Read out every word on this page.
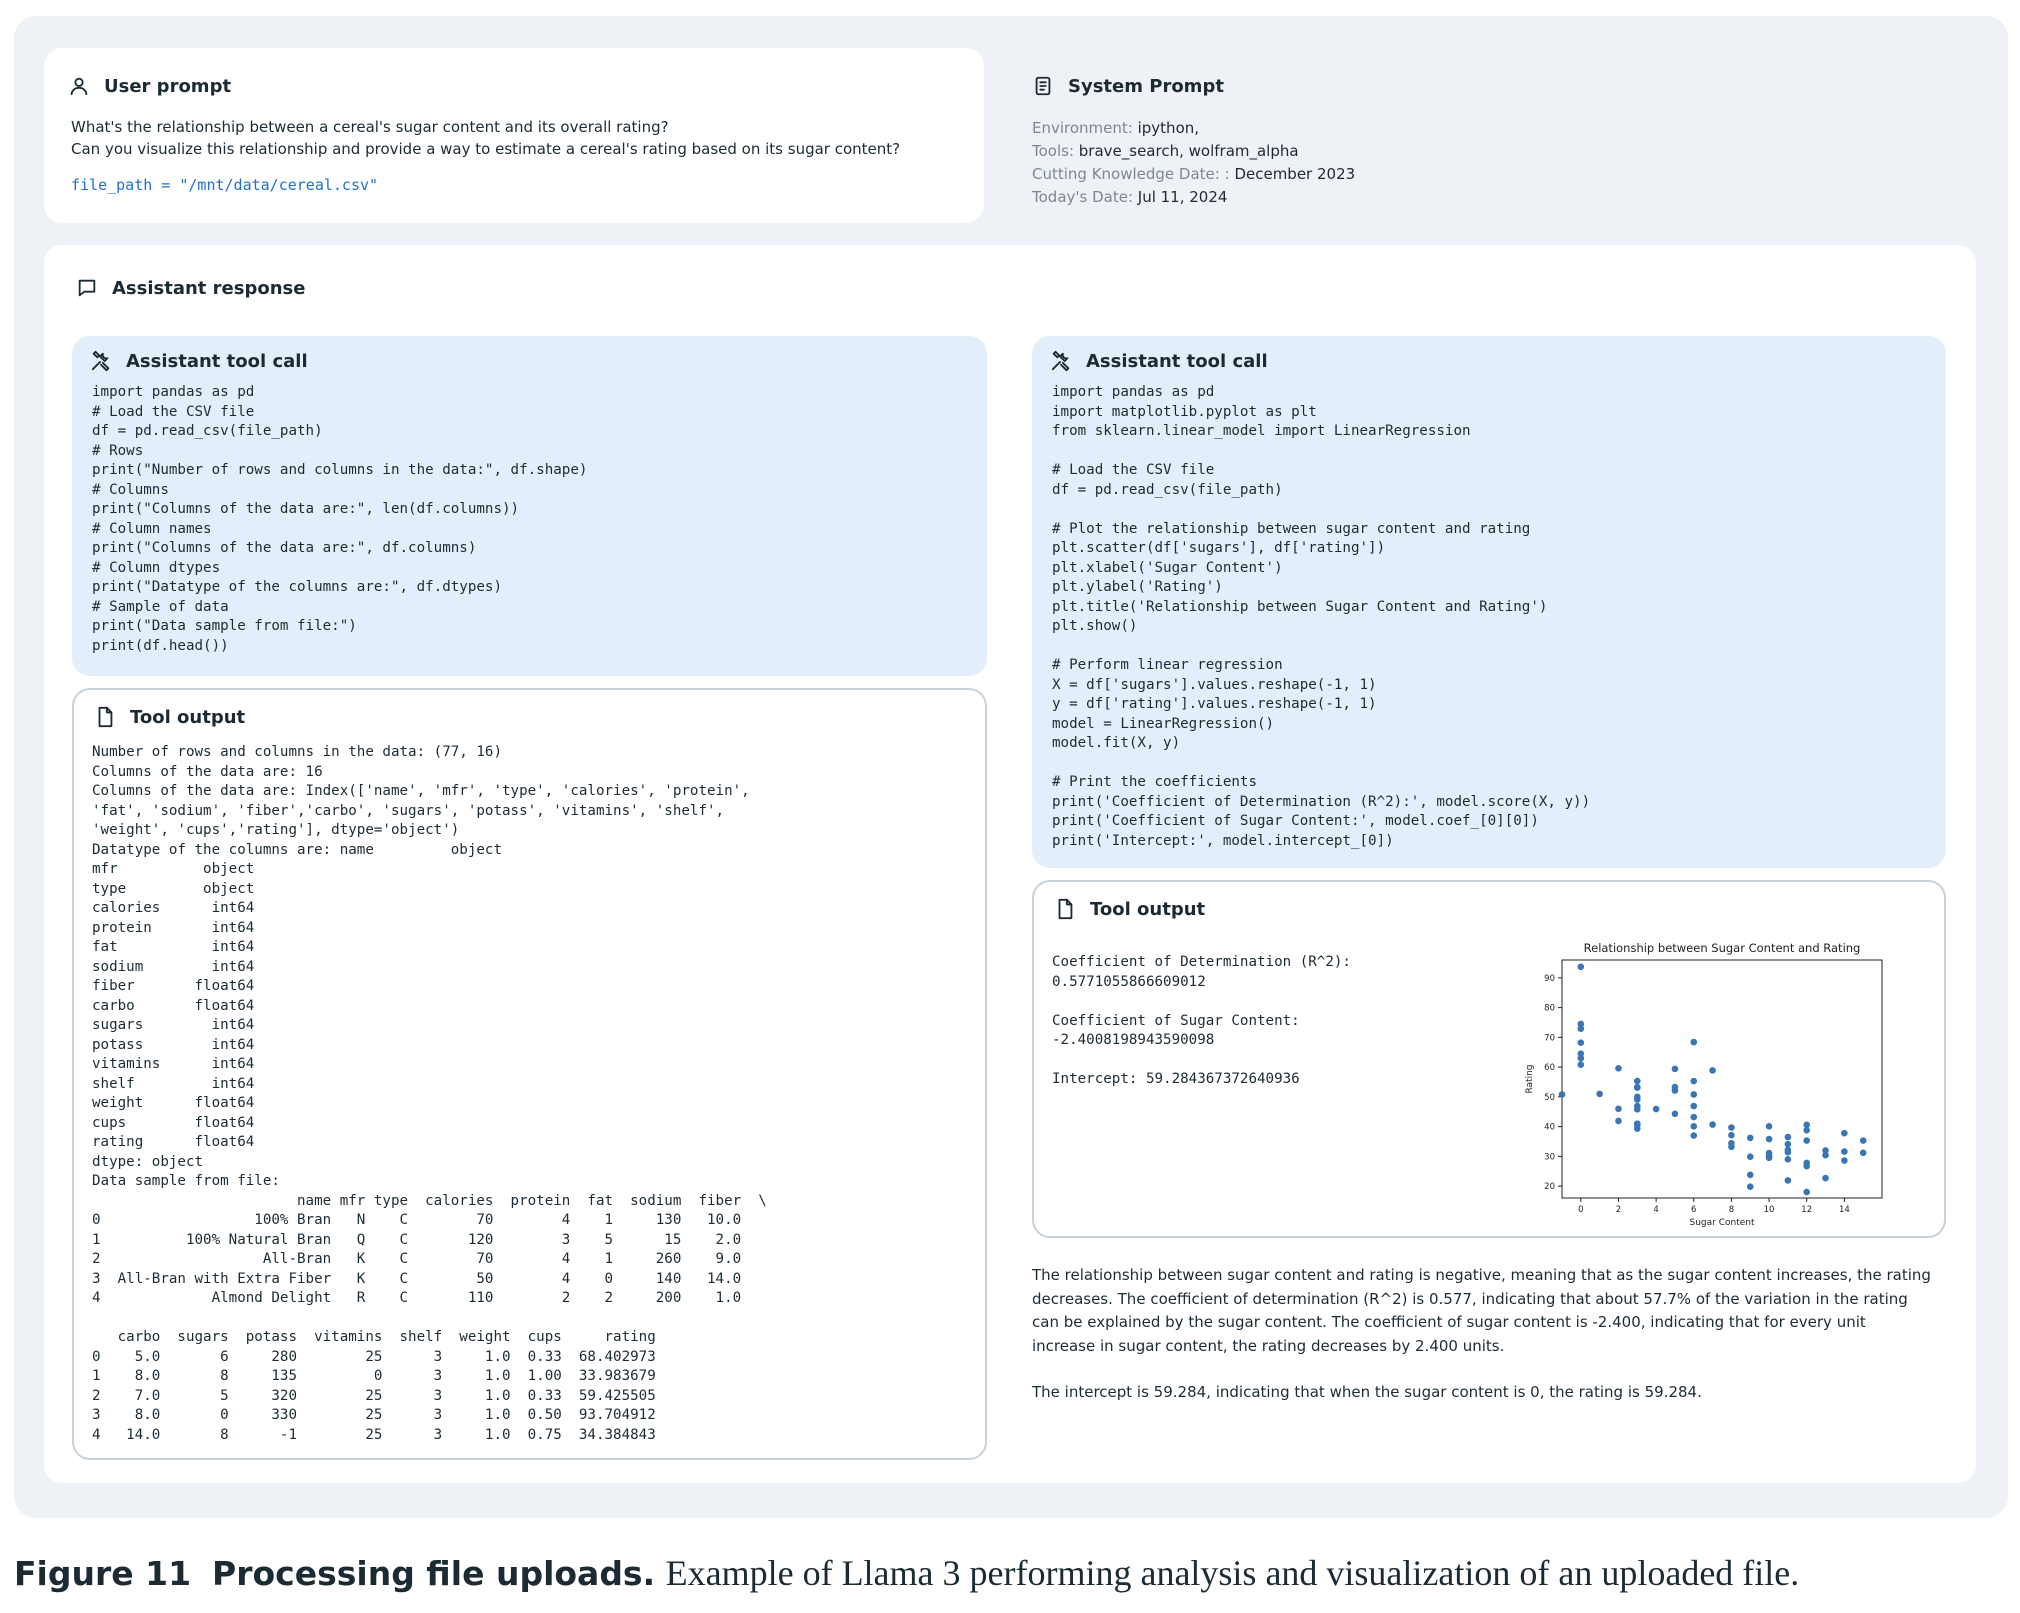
User prompt
What's the relationship between a cereal's sugar content and its overall rating?
Can you visualize this relationship and provide a way to estimate a cereal's rating based on its sugar content?
file_path = "/mnt/data/cereal.csv"
System Prompt
Environment: ipython,
Tools: brave_search, wolfram_alpha
Cutting Knowledge Date: : December 2023
Today's Date: Jul 11, 2024
Assistant response
Assistant tool call
import pandas as pd
# Load the CSV file
df = pd.read_csv(file_path)
# Rows
print("Number of rows and columns in the data:", df.shape)
# Columns
print("Columns of the data are:", len(df.columns))
# Column names
print("Columns of the data are:", df.columns)
# Column dtypes
print("Datatype of the columns are:", df.dtypes)
# Sample of data
print("Data sample from file:")
print(df.head())
Tool output
Number of rows and columns in the data: (77, 16)
Columns of the data are: 16
Columns of the data are: Index(['name', 'mfr', 'type', 'calories', 'protein',
'fat', 'sodium', 'fiber','carbo', 'sugars', 'potass', 'vitamins', 'shelf',
'weight', 'cups','rating'], dtype='object')
Datatype of the columns are: name         object
mfr          object
type         object
calories      int64
protein       int64
fat           int64
sodium        int64
fiber       float64
carbo       float64
sugars        int64
potass        int64
vitamins      int64
shelf         int64
weight      float64
cups        float64
rating      float64
dtype: object
Data sample from file:
name mfr type  calories  protein  fat  sodium  fiber  \
0                  100% Bran   N    C        70        4    1     130   10.0
1          100% Natural Bran   Q    C       120        3    5      15    2.0
2                   All-Bran   K    C        70        4    1     260    9.0
3  All-Bran with Extra Fiber   K    C        50        4    0     140   14.0
4             Almond Delight   R    C       110        2    2     200    1.0

carbo  sugars  potass  vitamins  shelf  weight  cups     rating
0    5.0       6     280        25      3     1.0  0.33  68.402973
1    8.0       8     135         0      3     1.0  1.00  33.983679
2    7.0       5     320        25      3     1.0  0.33  59.425505
3    8.0       0     330        25      3     1.0  0.50  93.704912
4   14.0       8      -1        25      3     1.0  0.75  34.384843
Assistant tool call
import pandas as pd
import matplotlib.pyplot as plt
from sklearn.linear_model import LinearRegression

# Load the CSV file
df = pd.read_csv(file_path)

# Plot the relationship between sugar content and rating
plt.scatter(df['sugars'], df['rating'])
plt.xlabel('Sugar Content')
plt.ylabel('Rating')
plt.title('Relationship between Sugar Content and Rating')
plt.show()

# Perform linear regression
X = df['sugars'].values.reshape(-1, 1)
y = df['rating'].values.reshape(-1, 1)
model = LinearRegression()
model.fit(X, y)

# Print the coefficients
print('Coefficient of Determination (R^2):', model.score(X, y))
print('Coefficient of Sugar Content:', model.coef_[0][0])
print('Intercept:', model.intercept_[0])
Tool output
Coefficient of Determination (R^2):
0.5771055866609012

Coefficient of Sugar Content:
-2.4008198943590098

Intercept: 59.284367372640936
Relationship between Sugar Content and Rating
0	2	4	6	8	10	12	14
20
30
40
50
60
70
80
90
Sugar Content
Rating
The relationship between sugar content and rating is negative, meaning that as the sugar content increases, the rating decreases. The coefficient of determination (R^2) is 0.577, indicating that about 57.7% of the variation in the rating can be explained by the sugar content. The coefficient of sugar content is -2.400, indicating that for every unit increase in sugar content, the rating decreases by 2.400 units.
The intercept is 59.284, indicating that when the sugar content is 0, the rating is 59.284.
Figure 11 Processing file uploads. Example of Llama 3 performing analysis and visualization of an uploaded file.
